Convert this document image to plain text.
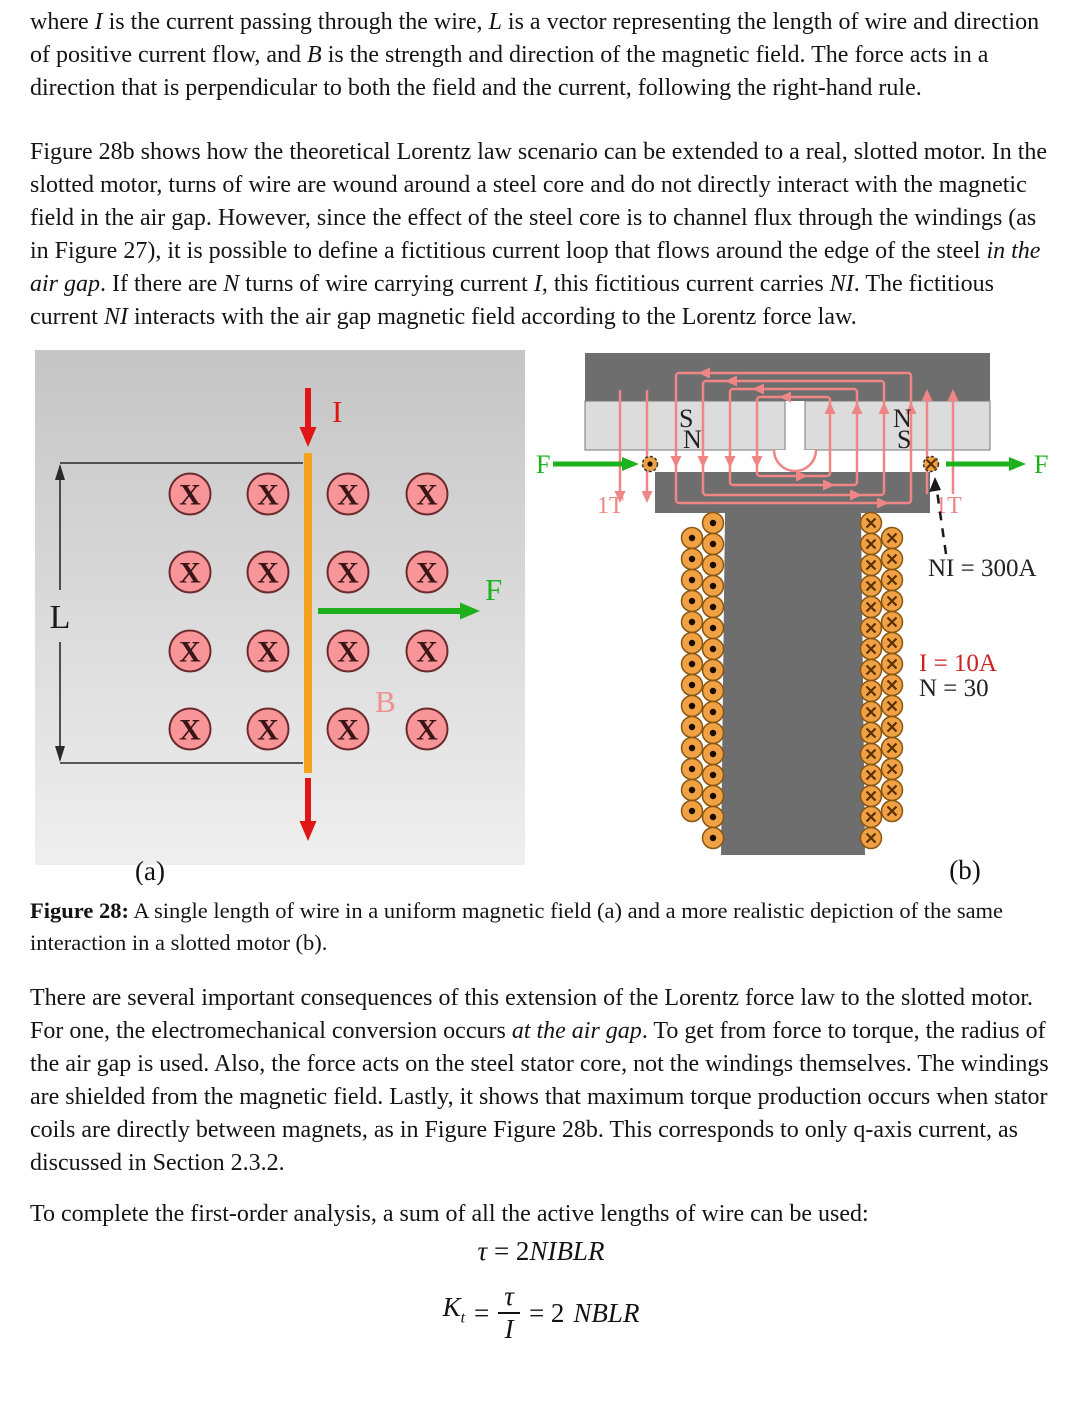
where I is the current passing through the wire, L is a vector representing the length of wire and direction of positive current flow, and B is the strength and direction of the magnetic field. The force acts in a direction that is perpendicular to both the field and the current, following the right-hand rule.

Figure 28b shows how the theoretical Lorentz law scenario can be extended to a real, slotted motor. In the slotted motor, turns of wire are wound around a steel core and do not directly interact with the magnetic field in the air gap. However, since the effect of the steel core is to channel flux through the windings (as in Figure 27), it is possible to define a fictitious current loop that flows around the edge of the steel in the air gap. If there are N turns of wire carrying current I, this fictitious current carries NI. The fictitious current NI interacts with the air gap magnetic field according to the Lorentz force law.

L
I
X X X X
X X X X
X X X X
X X X X
F
B
(a)
S
N
N
S
F	F
1T	1T
NI = 300A
I = 10A
N = 30
(b)

Figure 28: A single length of wire in a uniform magnetic field (a) and a more realistic depiction of the same interaction in a slotted motor (b).

There are several important consequences of this extension of the Lorentz force law to the slotted motor. For one, the electromechanical conversion occurs at the air gap. To get from force to torque, the radius of the air gap is used. Also, the force acts on the steel stator core, not the windings themselves. The windings are shielded from the magnetic field. Lastly, it shows that maximum torque production occurs when stator coils are directly between magnets, as in Figure Figure 28b. This corresponds to only q-axis current, as discussed in Section 2.3.2.

To complete the first-order analysis, a sum of all the active lengths of wire can be used:

τ = 2NIBLR
$K_t = \frac{\tau}{I} = 2$ NBLR
